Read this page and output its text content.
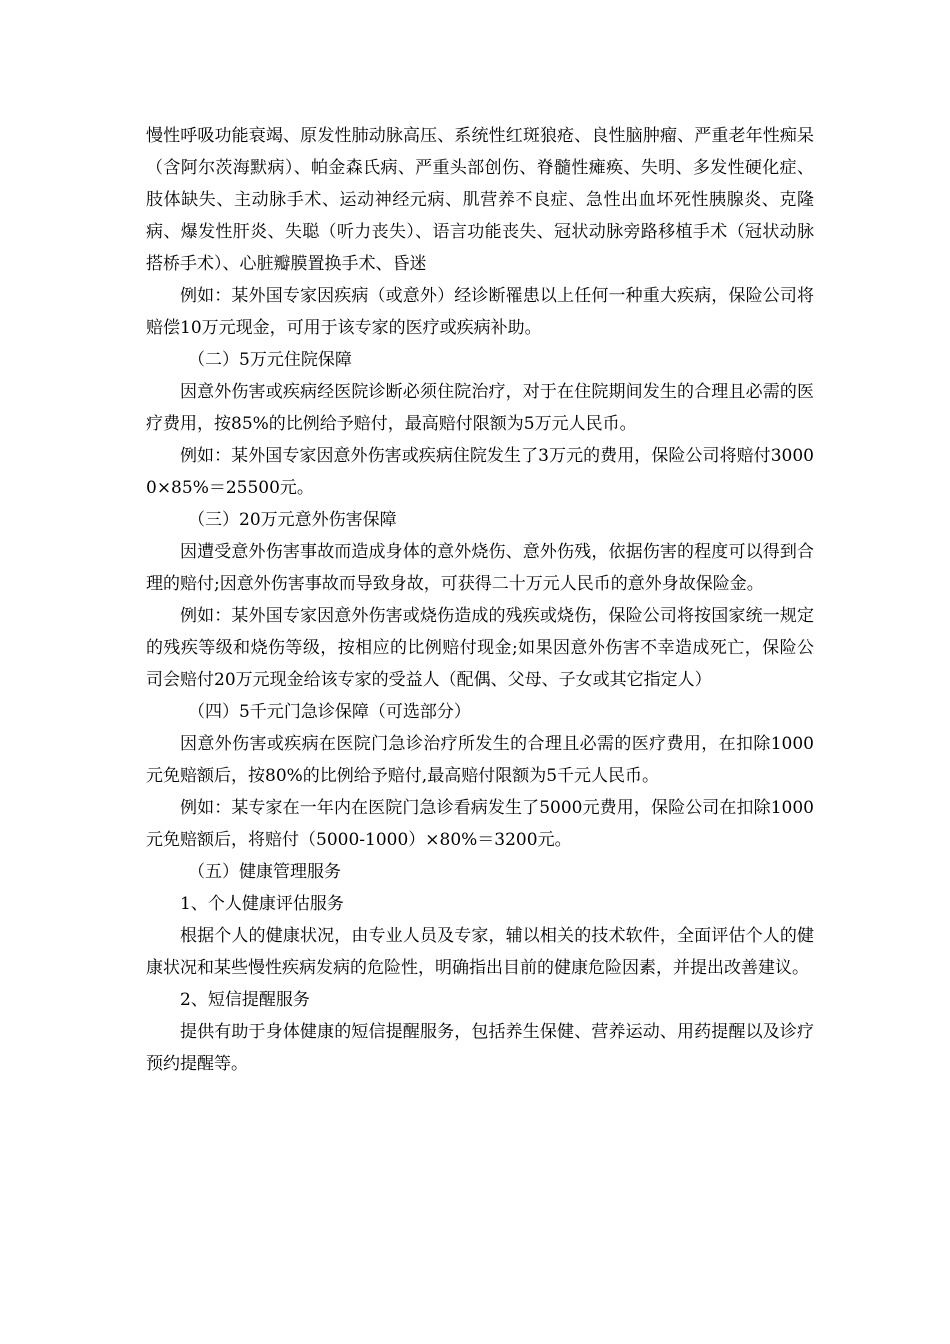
慢性呼吸功能衰竭、原发性肺动脉高压、系统性红斑狼疮、良性脑肿瘤、严重老年性痴呆（含阿尔茨海默病）、帕金森氏病、严重头部创伤、脊髓性瘫痪、失明、多发性硬化症、肢体缺失、主动脉手术、运动神经元病、肌营养不良症、急性出血坏死性胰腺炎、克隆病、爆发性肝炎、失聪（听力丧失）、语言功能丧失、冠状动脉旁路移植手术（冠状动脉搭桥手术）、心脏瓣膜置换手术、昏迷

例如：某外国专家因疾病（或意外）经诊断罹患以上任何一种重大疾病，保险公司将赔偿10万元现金，可用于该专家的医疗或疾病补助。

（二）5万元住院保障

因意外伤害或疾病经医院诊断必须住院治疗，对于在住院期间发生的合理且必需的医疗费用，按85%的比例给予赔付，最高赔付限额为5万元人民币。

例如：某外国专家因意外伤害或疾病住院发生了3万元的费用，保险公司将赔付30000×85%＝25500元。

（三）20万元意外伤害保障

因遭受意外伤害事故而造成身体的意外烧伤、意外伤残，依据伤害的程度可以得到合理的赔付;因意外伤害事故而导致身故，可获得二十万元人民币的意外身故保险金。

例如：某外国专家因意外伤害或烧伤造成的残疾或烧伤，保险公司将按国家统一规定的残疾等级和烧伤等级，按相应的比例赔付现金;如果因意外伤害不幸造成死亡，保险公司会赔付20万元现金给该专家的受益人（配偶、父母、子女或其它指定人）

（四）5千元门急诊保障（可选部分）

因意外伤害或疾病在医院门急诊治疗所发生的合理且必需的医疗费用，在扣除1000元免赔额后，按80%的比例给予赔付,最高赔付限额为5千元人民币。

例如：某专家在一年内在医院门急诊看病发生了5000元费用，保险公司在扣除1000元免赔额后，将赔付（5000-1000）×80%＝3200元。

（五）健康管理服务

1、个人健康评估服务

根据个人的健康状况，由专业人员及专家，辅以相关的技术软件，全面评估个人的健康状况和某些慢性疾病发病的危险性，明确指出目前的健康危险因素，并提出改善建议。

2、短信提醒服务

提供有助于身体健康的短信提醒服务，包括养生保健、营养运动、用药提醒以及诊疗预约提醒等。
